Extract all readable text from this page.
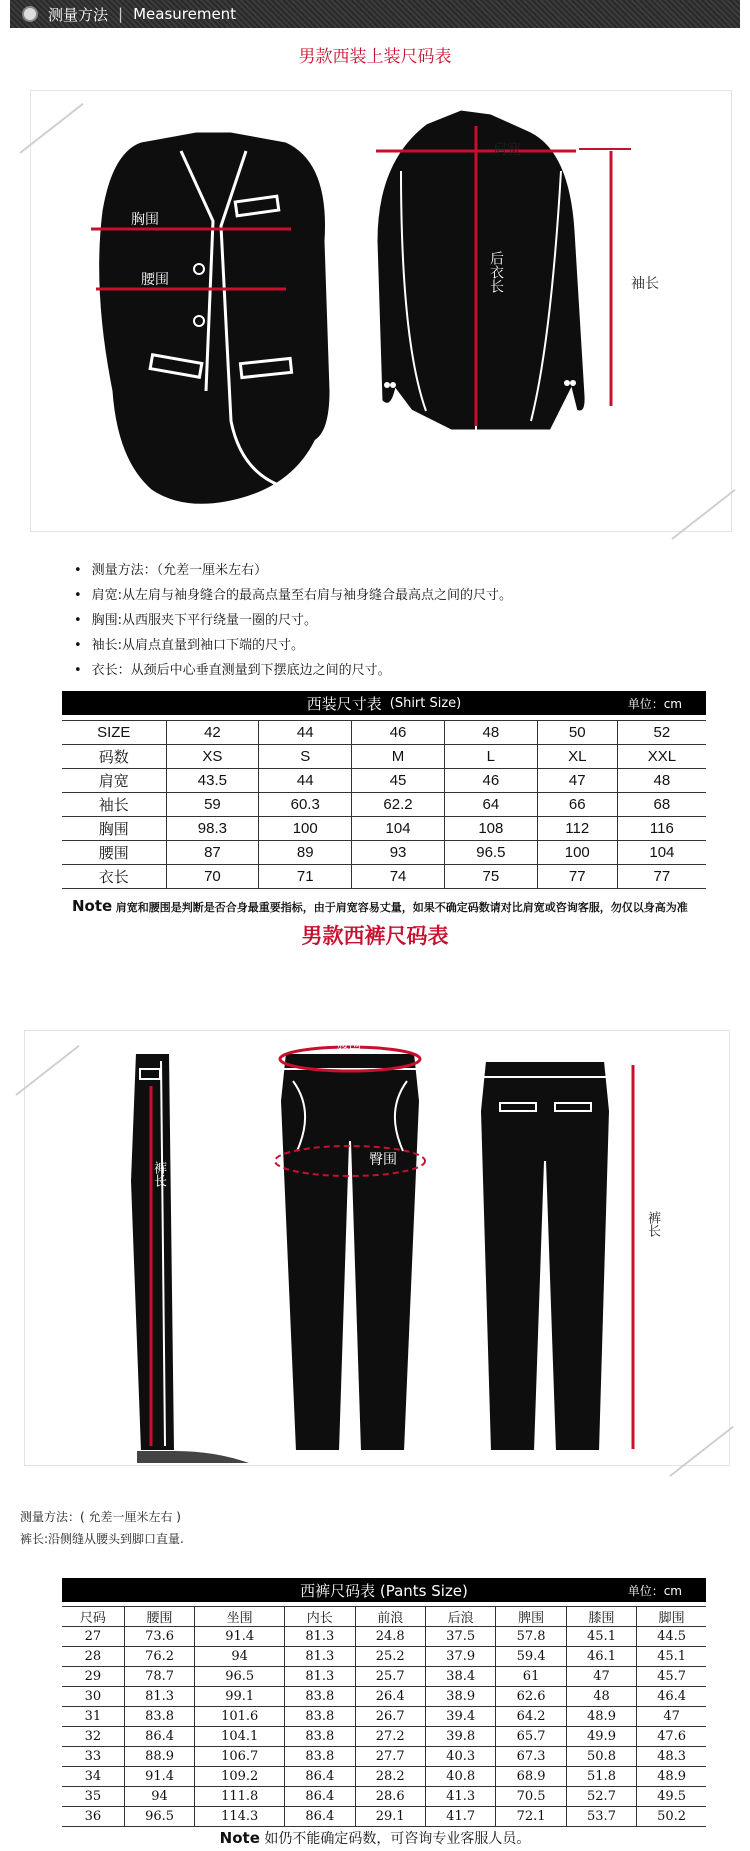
测量方法 | Measurement
男款西装上装尺码表
胸围
腰围
肩宽
后衣长	袖长
• 测量方法：（允差一厘米左右）
• 肩宽:从左肩与袖身缝合的最高点量至右肩与袖身缝合最高点之间的尺寸。
• 胸围:从西服夹下平行绕量一圈的尺寸。
• 袖长:从肩点直量到袖口下端的尺寸。
• 衣长：从颈后中心垂直测量到下摆底边之间的尺寸。
西装尺寸表 (Shirt Size)	单位：cm
SIZE	42	44	46	48	50	52
码数	XS	S	M	L	XL	XXL
肩宽	43.5	44	45	46	47	48
袖长	59	60.3	62.2	64	66	68
胸围	98.3	100	104	108	112	116
腰围	87	89	93	96.5	100	104
衣长	70	71	74	75	77	77
Note 肩宽和腰围是判断是否合身最重要指标，由于肩宽容易丈量，如果不确定码数请对比肩宽或咨询客服，勿仅以身高为准
男款西裤尺码表
腰围
臀围
裤长
裤长
测量方法：( 允差一厘米左右 )
裤长:沿侧缝从腰头到脚口直量.
西裤尺码表 (Pants Size)	单位：cm
尺码	腰围	坐围	内长	前浪	后浪	脾围	膝围	脚围
27	73.6	91.4	81.3	24.8	37.5	57.8	45.1	44.5
28	76.2	94	81.3	25.2	37.9	59.4	46.1	45.1
29	78.7	96.5	81.3	25.7	38.4	61	47	45.7
30	81.3	99.1	83.8	26.4	38.9	62.6	48	46.4
31	83.8	101.6	83.8	26.7	39.4	64.2	48.9	47
32	86.4	104.1	83.8	27.2	39.8	65.7	49.9	47.6
33	88.9	106.7	83.8	27.7	40.3	67.3	50.8	48.3
34	91.4	109.2	86.4	28.2	40.8	68.9	51.8	48.9
35	94	111.8	86.4	28.6	41.3	70.5	52.7	49.5
36	96.5	114.3	86.4	29.1	41.7	72.1	53.7	50.2
Note 如仍不能确定码数，可咨询专业客服人员。
